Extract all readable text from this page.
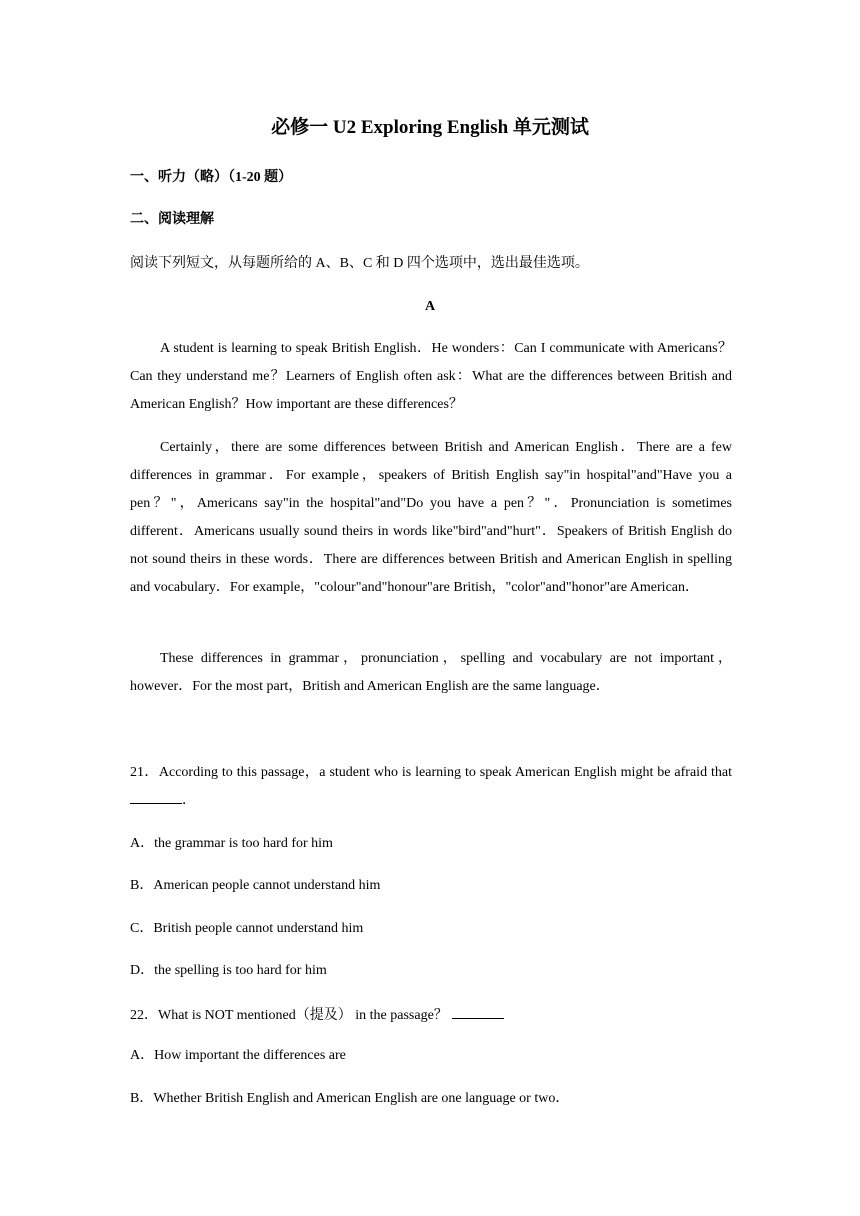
必修一 U2 Exploring English 单元测试
一、听力（略）（1-20 题）
二、阅读理解
阅读下列短文，从每题所给的 A、B、C 和 D 四个选项中，选出最佳选项。
A

A student is learning to speak British English．He wonders：Can I communicate with Americans？Can they understand me？Learners of English often ask：What are the differences between British and American English？How important are these differences？

Certainly，there are some differences between British and American English．There are a few differences in grammar．For example，speakers of British English say"in hospital"and"Have you a pen？"，Americans say"in the hospital"and"Do you have a pen？"．Pronunciation is sometimes different．Americans usually sound theirs in words like"bird"and"hurt"．Speakers of British English do not sound theirs in these words．There are differences between British and American English in spelling and vocabulary．For example，"colour"and"honour"are British，"color"and"honor"are American．

These differences in grammar，pronunciation，spelling and vocabulary are not important，however．For the most part，British and American English are the same language．

21．According to this passage，a student who is learning to speak American English might be afraid that．

A．the grammar is too hard for him
B．American people cannot understand him
C．British people cannot understand him
D．the spelling is too hard for him
22．What is NOT mentioned（提及） in the passage？
A．How important the differences are
B．Whether British English and American English are one language or two．
